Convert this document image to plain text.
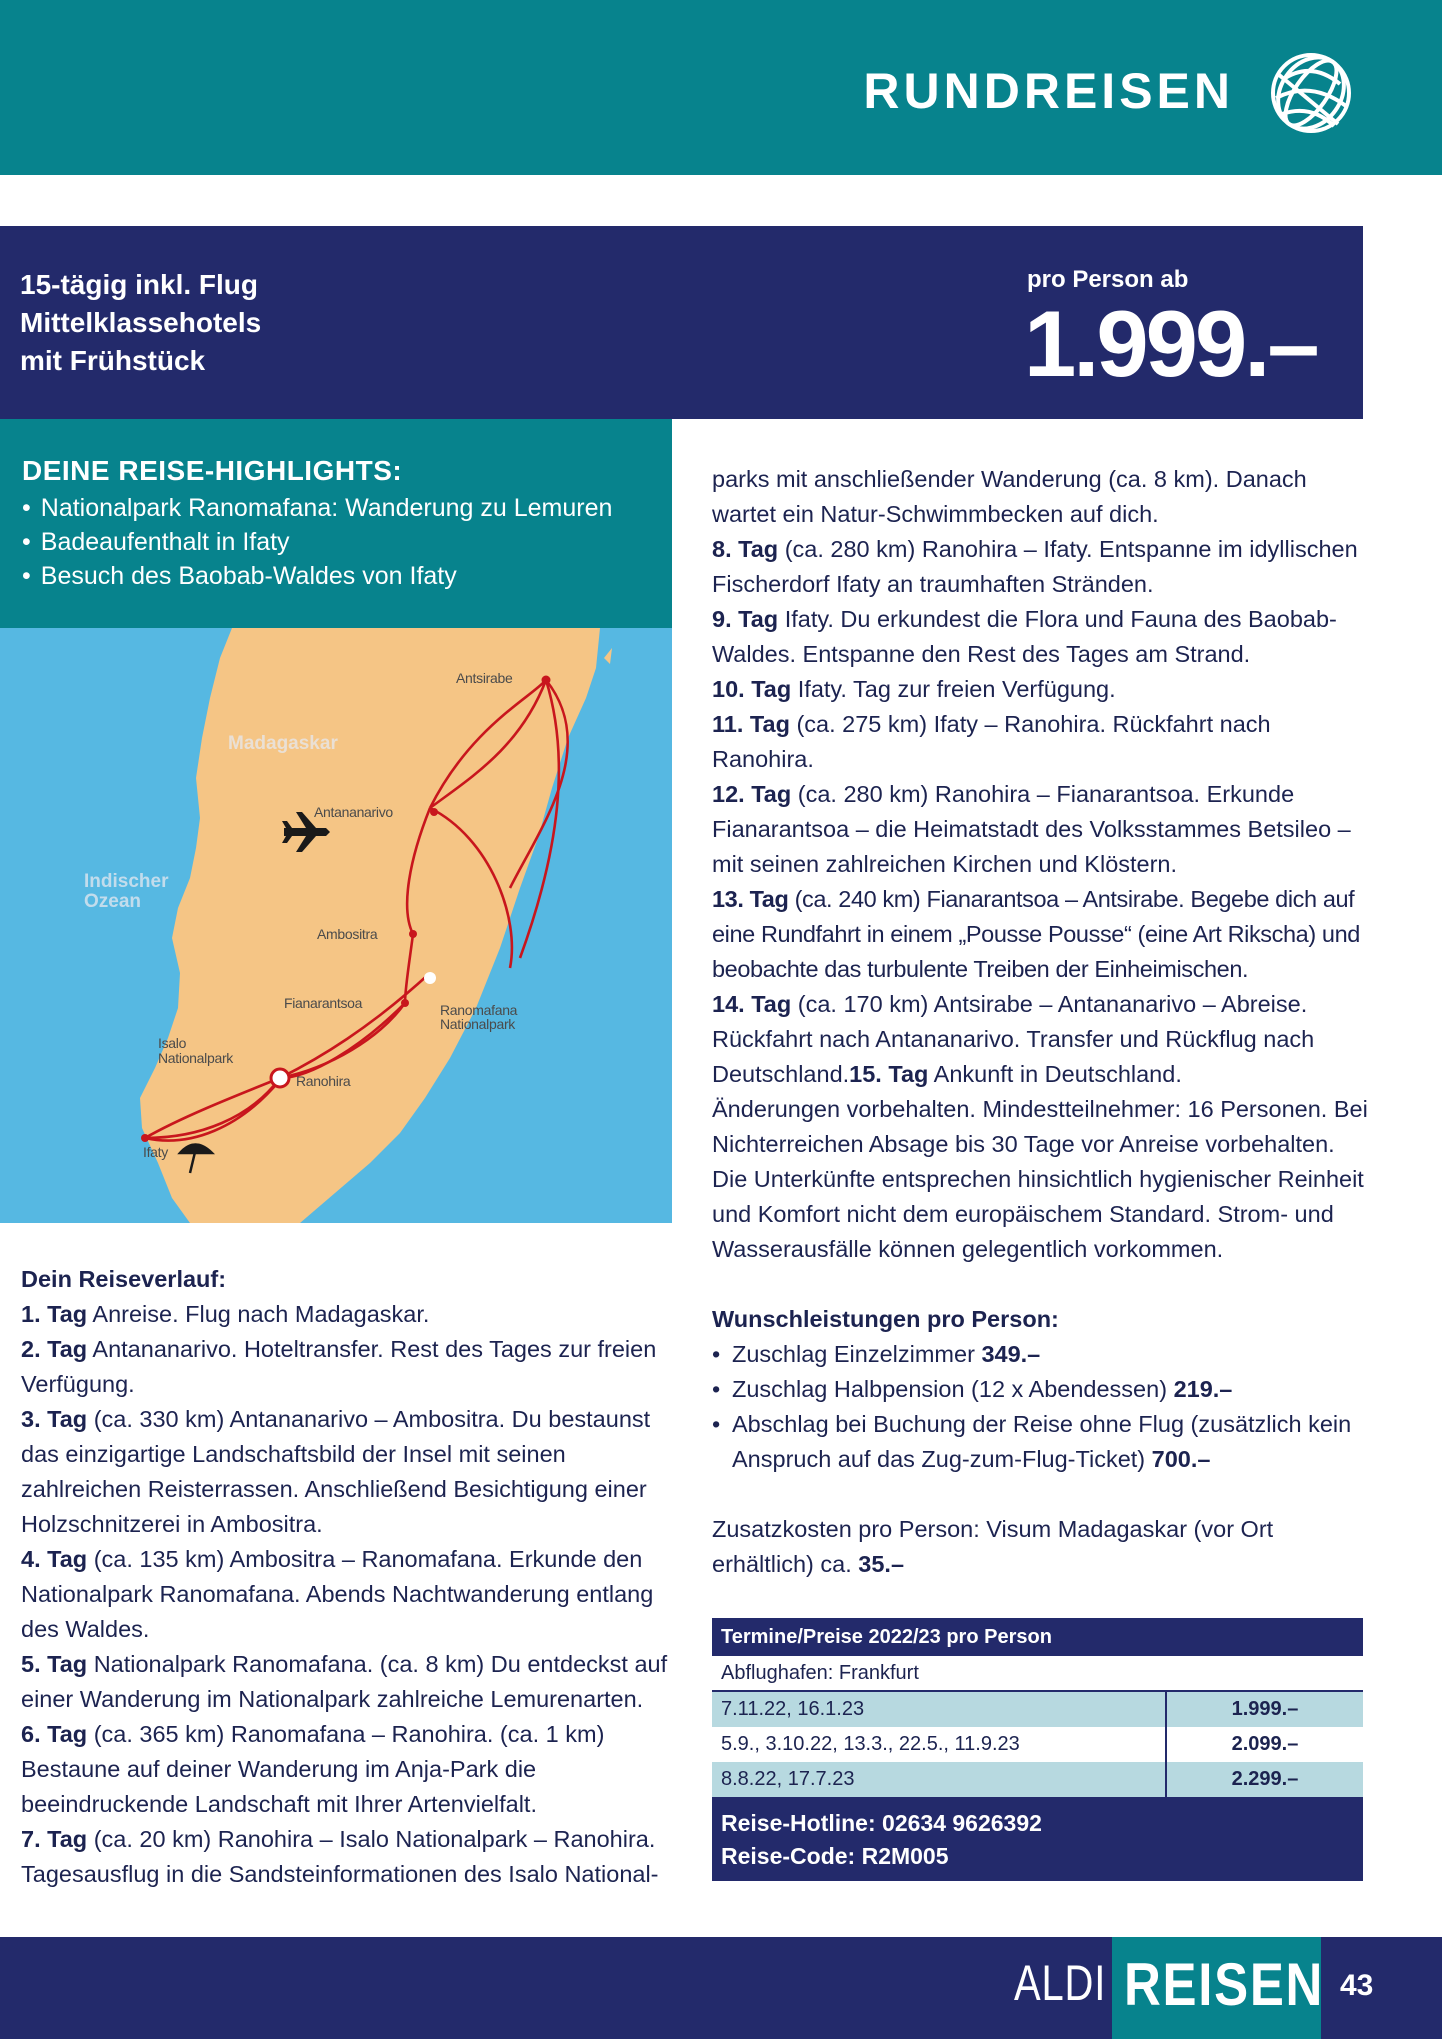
RUNDREISEN
15-tägig inkl. Flug
Mittelklassehotels
mit Frühstück
pro Person ab
1.999.–
DEINE REISE-HIGHLIGHTS:
• Nationalpark Ranomafana: Wanderung zu Lemuren
• Badeaufenthalt in Ifaty
• Besuch des Baobab-Waldes von Ifaty
Madagaskar
Indischer
Ozean
Antsirabe
Antananarivo
Ambositra
Fianarantsoa	Ranomafana
Nationalpark
Isalo
Nationalpark
Ranohira
Ifaty
Dein Reiseverlauf:

1. Tag Anreise. Flug nach Madagaskar.

2. Tag Antananarivo. Hoteltransfer. Rest des Tages zur freien Verfügung.

3. Tag (ca. 330 km) Antananarivo – Ambositra. Du bestaunst das einzigartige Landschaftsbild der Insel mit seinen zahlreichen Reisterrassen. Anschließend Besichtigung einer Holzschnitzerei in Ambositra.

4. Tag (ca. 135 km) Ambositra – Ranomafana. Erkunde den Nationalpark Ranomafana. Abends Nachtwanderung entlang des Waldes.

5. Tag Nationalpark Ranomafana. (ca. 8 km) Du entdeckst auf einer Wanderung im Nationalpark zahlreiche Lemurenarten.

6. Tag (ca. 365 km) Ranomafana – Ranohira. (ca. 1 km) Bestaune auf deiner Wanderung im Anja-Park die beeindruckende Landschaft mit Ihrer Artenvielfalt.

7. Tag (ca. 20 km) Ranohira – Isalo Nationalpark – Ranohira. Tagesausflug in die Sandsteinformationen des Isalo National-

parks mit anschließender Wanderung (ca. 8 km). Danach wartet ein Natur-Schwimmbecken auf dich.

8. Tag (ca. 280 km) Ranohira – Ifaty. Entspanne im idyllischen Fischerdorf Ifaty an traumhaften Stränden.

9. Tag Ifaty. Du erkundest die Flora und Fauna des Baobab-Waldes. Entspanne den Rest des Tages am Strand.

10. Tag Ifaty. Tag zur freien Verfügung.

11. Tag (ca. 275 km) Ifaty – Ranohira. Rückfahrt nach Ranohira.

12. Tag (ca. 280 km) Ranohira – Fianarantsoa. Erkunde Fianarantsoa – die Heimatstadt des Volksstammes Betsileo – mit seinen zahlreichen Kirchen und Klöstern.

13. Tag (ca. 240 km) Fianarantsoa – Antsirabe. Begebe dich auf eine Rundfahrt in einem „Pousse Pousse“ (eine Art Rikscha) und beobachte das turbulente Treiben der Einheimischen.

14. Tag (ca. 170 km) Antsirabe – Antananarivo – Abreise. Rückfahrt nach Antananarivo. Transfer und Rückflug nach Deutschland.15. Tag Ankunft in Deutschland.

Änderungen vorbehalten. Mindestteilnehmer: 16 Personen. Bei Nichterreichen Absage bis 30 Tage vor Anreise vorbehalten. Die Unterkünfte entsprechen hinsichtlich hygienischer Reinheit und Komfort nicht dem europäischem Standard. Strom- und Wasserausfälle können gelegentlich vorkommen.

Wunschleistungen pro Person:
• Zuschlag Einzelzimmer 349.–
• Zuschlag Halbpension (12 x Abendessen) 219.–
• Abschlag bei Buchung der Reise ohne Flug (zusätzlich kein Anspruch auf das Zug-zum-Flug-Ticket) 700.–

Zusatzkosten pro Person: Visum Madagaskar (vor Ort erhältlich) ca. 35.–

Termine/Preise 2022/23 pro Person
Abflughafen: Frankfurt
7.11.22, 16.1.23	1.999.–
5.9., 3.10.22, 13.3., 22.5., 11.9.23	2.099.–
8.8.22, 17.7.23	2.299.–
Reise-Hotline: 02634 9626392
Reise-Code: R2M005
ALDI REISEN 43
